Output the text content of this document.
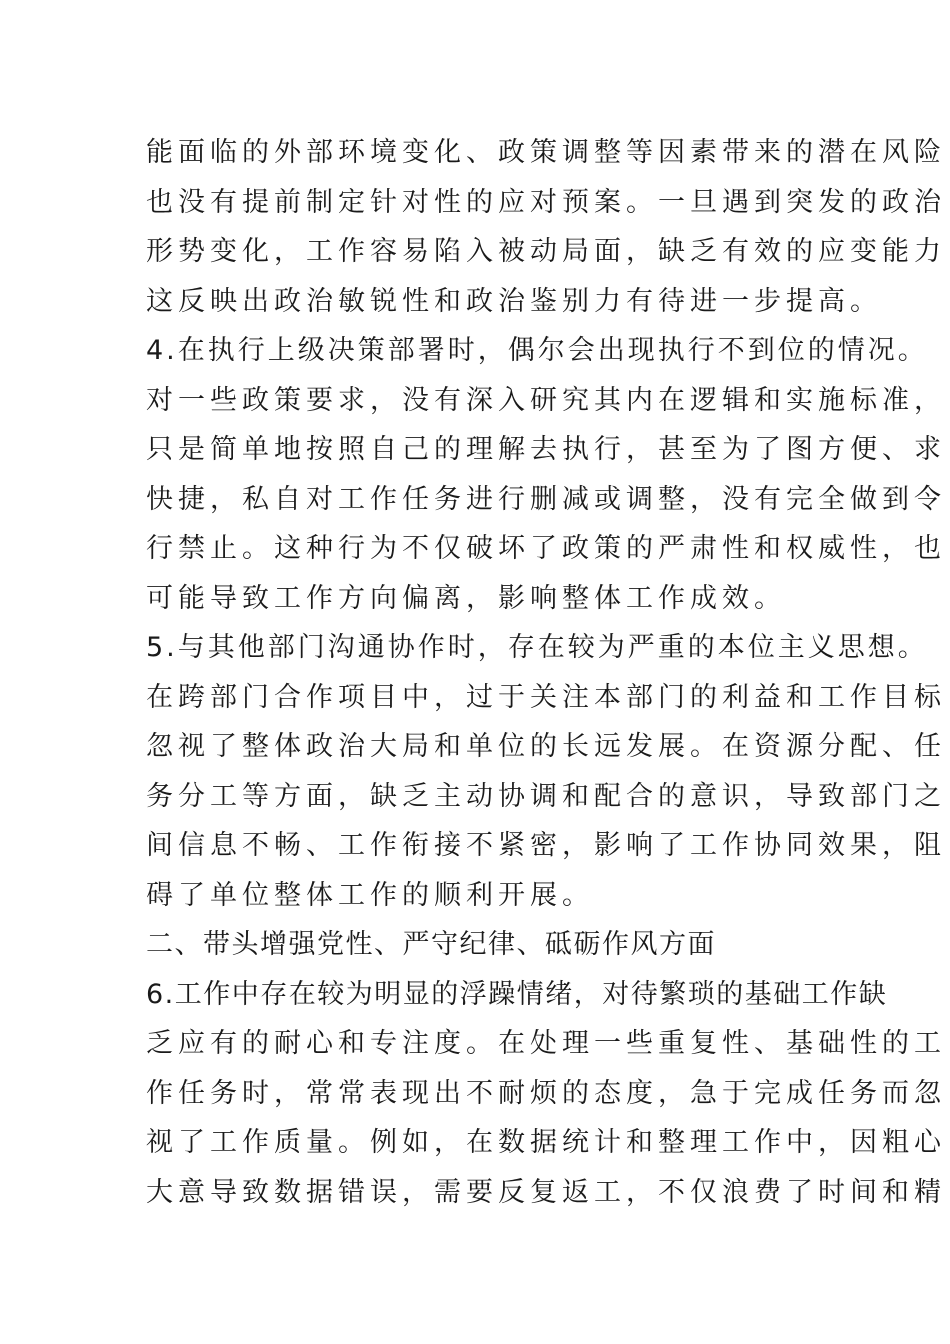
能面临的外部环境变化、政策调整等因素带来的潜在风险
也没有提前制定针对性的应对预案。一旦遇到突发的政治
形势变化，工作容易陷入被动局面，缺乏有效的应变能力
这反映出政治敏锐性和政治鉴别力有待进一步提高。
4.在执行上级决策部署时，偶尔会出现执行不到位的情况。
对一些政策要求，没有深入研究其内在逻辑和实施标准，
只是简单地按照自己的理解去执行，甚至为了图方便、求
快捷，私自对工作任务进行删减或调整，没有完全做到令
行禁止。这种行为不仅破坏了政策的严肃性和权威性，也
可能导致工作方向偏离，影响整体工作成效。
5.与其他部门沟通协作时，存在较为严重的本位主义思想。
在跨部门合作项目中，过于关注本部门的利益和工作目标
忽视了整体政治大局和单位的长远发展。在资源分配、任
务分工等方面，缺乏主动协调和配合的意识，导致部门之
间信息不畅、工作衔接不紧密，影响了工作协同效果，阻
碍了单位整体工作的顺利开展。
二、带头增强党性、严守纪律、砥砺作风方面
6.工作中存在较为明显的浮躁情绪，对待繁琐的基础工作缺
乏应有的耐心和专注度。在处理一些重复性、基础性的工
作任务时，常常表现出不耐烦的态度，急于完成任务而忽
视了工作质量。例如，在数据统计和整理工作中，因粗心
大意导致数据错误，需要反复返工，不仅浪费了时间和精
